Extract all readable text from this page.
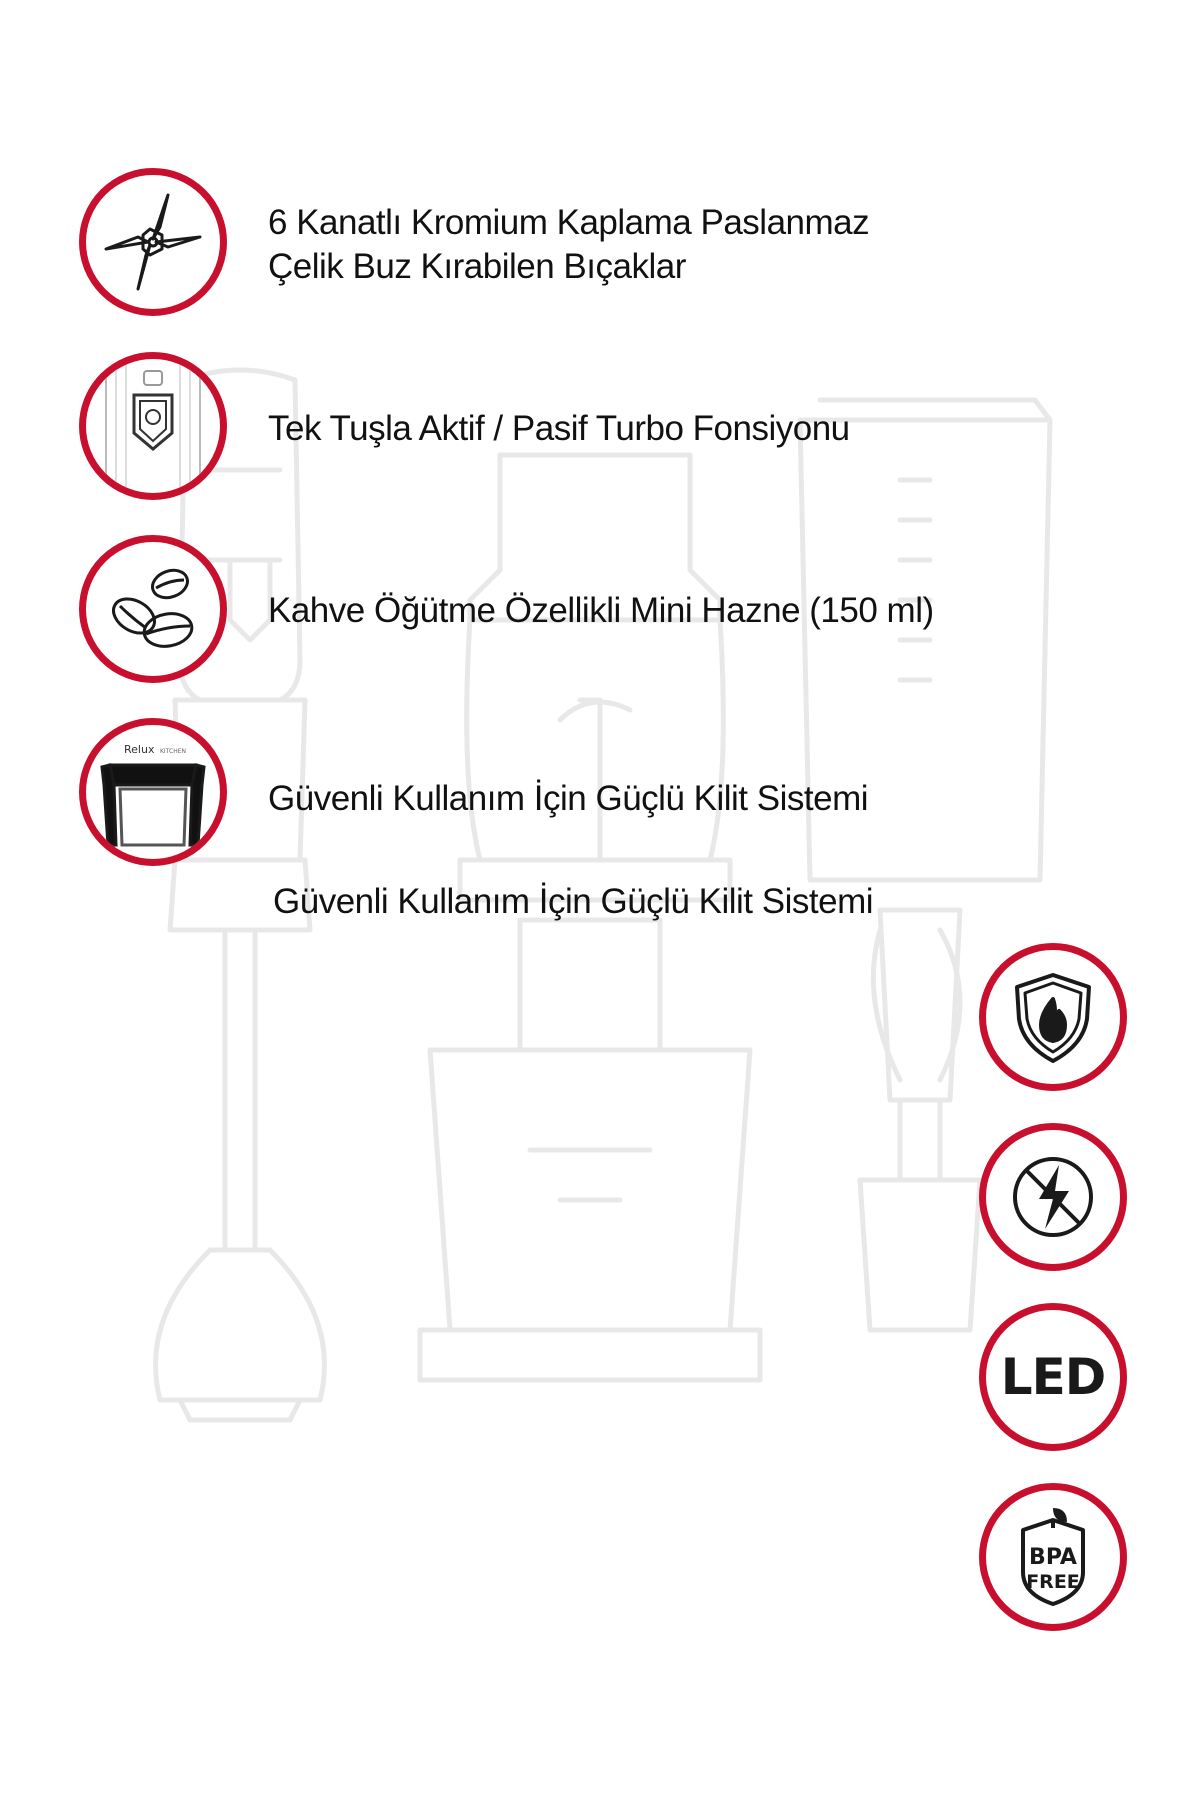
6 Kanatlı Kromium Kaplama Paslanmaz
Çelik Buz Kırabilen Bıçaklar
Tek Tuşla Aktif / Pasif Turbo Fonsiyonu
Kahve Öğütme Özellikli Mini Hazne (150 ml)
Relux KITCHEN
Güvenli Kullanım İçin Güçlü Kilit Sistemi
Güvenli Kullanım İçin Güçlü Kilit Sistemi
LED
BPA
FREE
